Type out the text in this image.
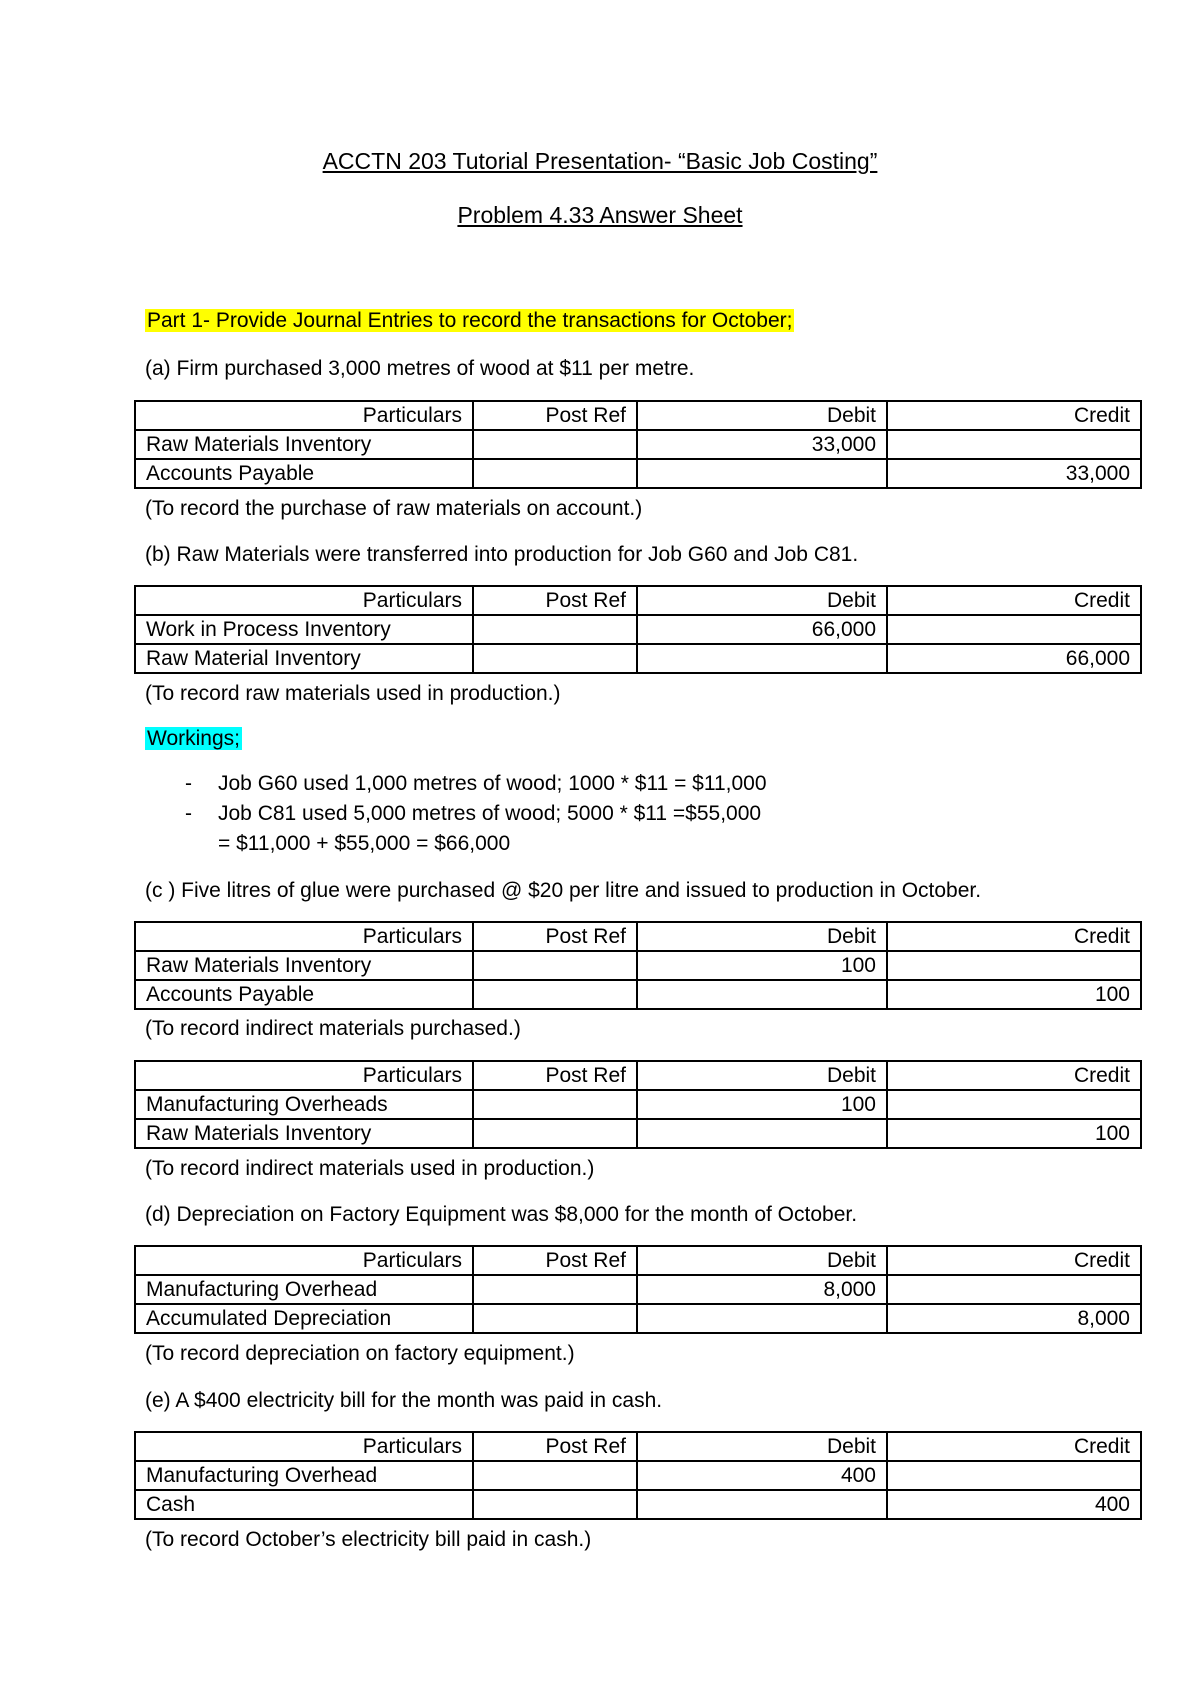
ACCTN 203 Tutorial Presentation- “Basic Job Costing”
Problem 4.33 Answer Sheet
Part 1- Provide Journal Entries to record the transactions for October;
(a) Firm purchased 3,000 metres of wood at $11 per metre.
Particulars	Post Ref	Debit	Credit
Raw Materials Inventory		33,000	
Accounts Payable			33,000
(To record the purchase of raw materials on account.)
(b) Raw Materials were transferred into production for Job G60 and Job C81.
Particulars	Post Ref	Debit	Credit
Work in Process Inventory		66,000	
Raw Material Inventory			66,000
(To record raw materials used in production.)
Workings;
- Job G60 used 1,000 metres of wood; 1000 * $11 = $11,000
- Job C81 used 5,000 metres of wood; 5000 * $11 =$55,000
= $11,000 + $55,000 = $66,000
(c ) Five litres of glue were purchased @ $20 per litre and issued to production in October.
Particulars	Post Ref	Debit	Credit
Raw Materials Inventory		100	
Accounts Payable			100
(To record indirect materials purchased.)
Particulars	Post Ref	Debit	Credit
Manufacturing Overheads		100	
Raw Materials Inventory			100
(To record indirect materials used in production.)
(d) Depreciation on Factory Equipment was $8,000 for the month of October.
Particulars	Post Ref	Debit	Credit
Manufacturing Overhead		8,000	
Accumulated Depreciation			8,000
(To record depreciation on factory equipment.)
(e) A $400 electricity bill for the month was paid in cash.
Particulars	Post Ref	Debit	Credit
Manufacturing Overhead		400	
Cash			400
(To record October’s electricity bill paid in cash.)
